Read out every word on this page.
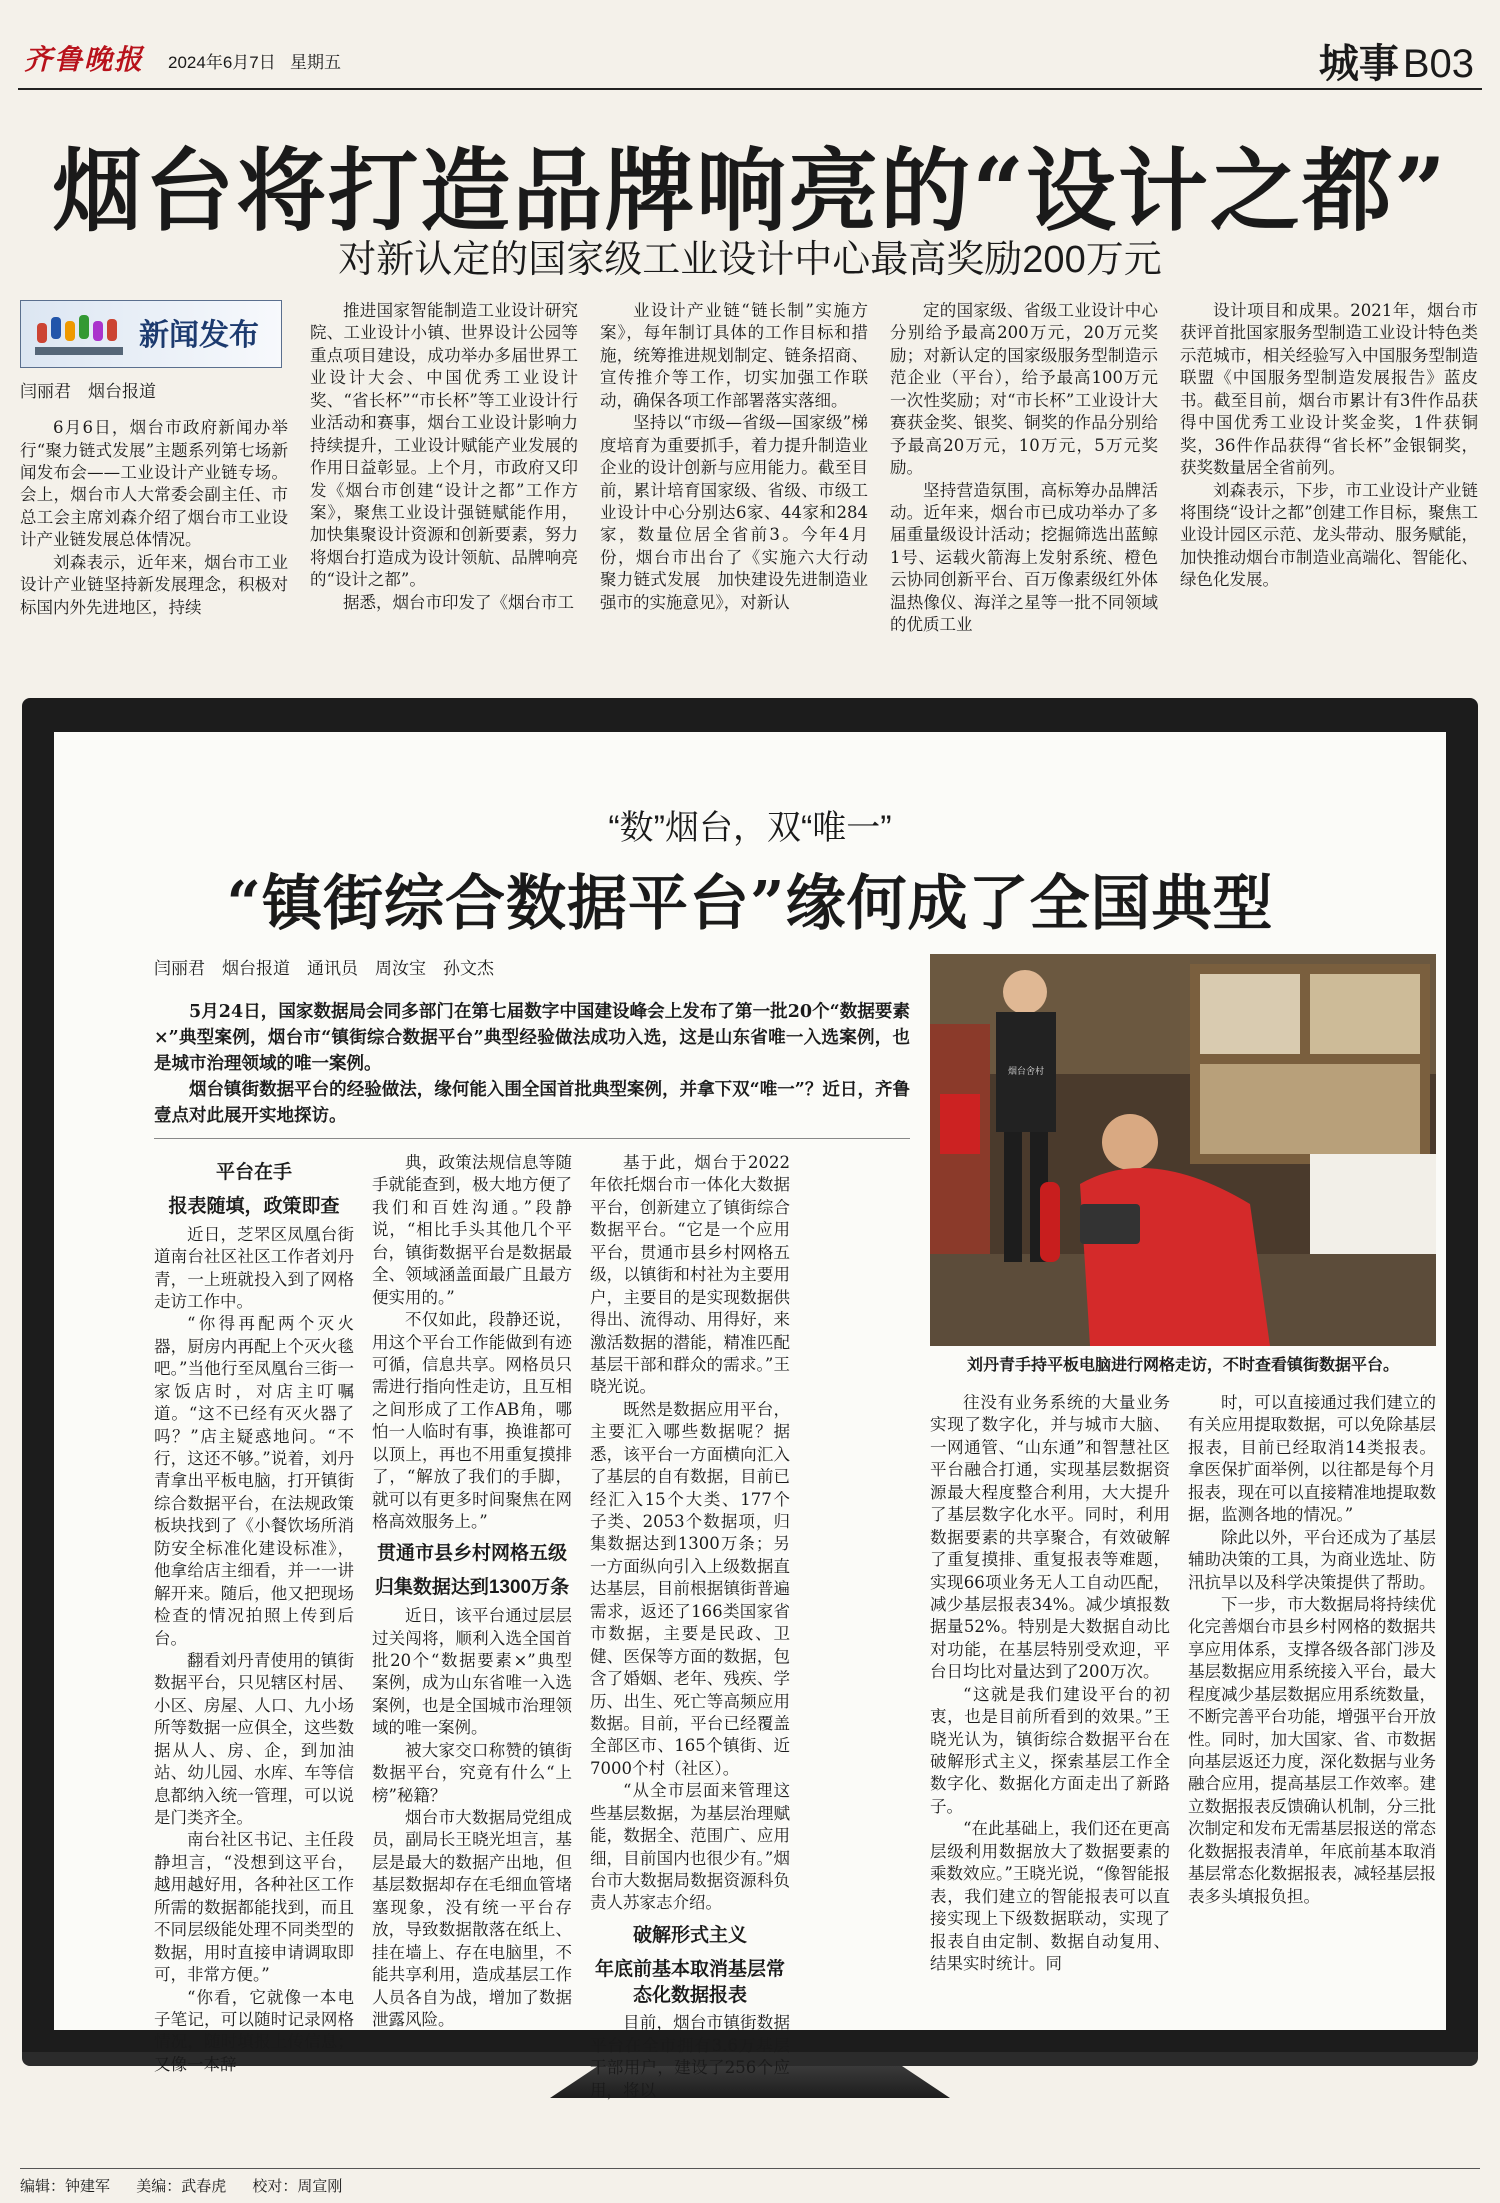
齐鲁晚报 2024年6月7日 星期五	城事 B03
烟台将打造品牌响亮的“设计之都”
对新认定的国家级工业设计中心最高奖励200万元
新闻发布
闫丽君　烟台报道

6月6日，烟台市政府新闻办举行“聚力链式发展”主题系列第七场新闻发布会——工业设计产业链专场。会上，烟台市人大常委会副主任、市总工会主席刘森介绍了烟台市工业设计产业链发展总体情况。

刘森表示，近年来，烟台市工业设计产业链坚持新发展理念，积极对标国内外先进地区，持续

推进国家智能制造工业设计研究院、工业设计小镇、世界设计公园等重点项目建设，成功举办多届世界工业设计大会、中国优秀工业设计奖、“省长杯”“市长杯”等工业设计行业活动和赛事，烟台工业设计影响力持续提升，工业设计赋能产业发展的作用日益彰显。上个月，市政府又印发《烟台市创建“设计之都”工作方案》，聚焦工业设计强链赋能作用，加快集聚设计资源和创新要素，努力将烟台打造成为设计领航、品牌响亮的“设计之都”。

据悉，烟台市印发了《烟台市工

业设计产业链“链长制”实施方案》，每年制订具体的工作目标和措施，统筹推进规划制定、链条招商、宣传推介等工作，切实加强工作联动，确保各项工作部署落实落细。

坚持以“市级—省级—国家级”梯度培育为重要抓手，着力提升制造业企业的设计创新与应用能力。截至目前，累计培育国家级、省级、市级工业设计中心分别达6家、44家和284家，数量位居全省前3。今年4月份，烟台市出台了《实施六大行动　聚力链式发展　加快建设先进制造业强市的实施意见》，对新认

定的国家级、省级工业设计中心分别给予最高200万元，20万元奖励；对新认定的国家级服务型制造示范企业（平台），给予最高100万元一次性奖励；对“市长杯”工业设计大赛获金奖、银奖、铜奖的作品分别给予最高20万元，10万元，5万元奖励。

坚持营造氛围，高标筹办品牌活动。近年来，烟台市已成功举办了多届重量级设计活动；挖掘筛选出蓝鲸1号、运载火箭海上发射系统、橙色云协同创新平台、百万像素级红外体温热像仪、海洋之星等一批不同领域的优质工业

设计项目和成果。2021年，烟台市获评首批国家服务型制造工业设计特色类示范城市，相关经验写入中国服务型制造联盟《中国服务型制造发展报告》蓝皮书。截至目前，烟台市累计有3件作品获得中国优秀工业设计奖金奖，1件获铜奖，36件作品获得“省长杯”金银铜奖，获奖数量居全省前列。

刘森表示，下步，市工业设计产业链将围绕“设计之都”创建工作目标，聚焦工业设计园区示范、龙头带动、服务赋能，加快推动烟台市制造业高端化、智能化、绿色化发展。

“数”烟台，双“唯一”
“镇街综合数据平台”缘何成了全国典型
闫丽君　烟台报道　通讯员　周汝宝　孙文杰

5月24日，国家数据局会同多部门在第七届数字中国建设峰会上发布了第一批20个“数据要素×”典型案例，烟台市“镇街综合数据平台”典型经验做法成功入选，这是山东省唯一入选案例，也是城市治理领域的唯一案例。

烟台镇街数据平台的经验做法，缘何能入围全国首批典型案例，并拿下双“唯一”？近日，齐鲁壹点对此展开实地探访。

烟台舍村
刘丹青手持平板电脑进行网格走访，不时查看镇街数据平台。

平台在手

报表随填，政策即查

近日，芝罘区凤凰台街道南台社区社区工作者刘丹青，一上班就投入到了网格走访工作中。

“你得再配两个灭火器，厨房内再配上个灭火毯吧。”当他行至凤凰台三街一家饭店时，对店主叮嘱道。“这不已经有灭火器了吗？”店主疑惑地问。“不行，这还不够。”说着，刘丹青拿出平板电脑，打开镇街综合数据平台，在法规政策板块找到了《小餐饮场所消防安全标准化建设标准》，他拿给店主细看，并一一讲解开来。随后，他又把现场检查的情况拍照上传到后台。

翻看刘丹青使用的镇街数据平台，只见辖区村居、小区、房屋、人口、九小场所等数据一应俱全，这些数据从人、房、企，到加油站、幼儿园、水库、车等信息都纳入统一管理，可以说是门类齐全。

南台社区书记、主任段静坦言，“没想到这平台，越用越好用，各种社区工作所需的数据都能找到，而且不同层级能处理不同类型的数据，用时直接申请调取即可，非常方便。”

“你看，它就像一本电子笔记，可以随时记录网格情况，随时填报上传信息；又像一本辞

典，政策法规信息等随手就能查到，极大地方便了我们和百姓沟通。”段静说，“相比手头其他几个平台，镇街数据平台是数据最全、领域涵盖面最广且最方便实用的。”

不仅如此，段静还说，用这个平台工作能做到有迹可循，信息共享。网格员只需进行指向性走访，且互相之间形成了工作AB角，哪怕一人临时有事，换谁都可以顶上，再也不用重复摸排了，“解放了我们的手脚，就可以有更多时间聚焦在网格高效服务上。”

贯通市县乡村网格五级

归集数据达到1300万条

近日，该平台通过层层过关闯将，顺利入选全国首批20个“数据要素×”典型案例，成为山东省唯一入选案例，也是全国城市治理领域的唯一案例。

被大家交口称赞的镇街数据平台，究竟有什么“上榜”秘籍？

烟台市大数据局党组成员，副局长王晓光坦言，基层是最大的数据产出地，但基层数据却存在毛细血管堵塞现象，没有统一平台存放，导致数据散落在纸上、挂在墙上、存在电脑里，不能共享利用，造成基层工作人员各自为战，增加了数据泄露风险。

基于此，烟台于2022年依托烟台市一体化大数据平台，创新建立了镇街综合数据平台。“它是一个应用平台，贯通市县乡村网格五级，以镇街和村社为主要用户，主要目的是实现数据供得出、流得动、用得好，来激活数据的潜能，精准匹配基层干部和群众的需求。”王晓光说。

既然是数据应用平台，主要汇入哪些数据呢？据悉，该平台一方面横向汇入了基层的自有数据，目前已经汇入15个大类、177个子类、2053个数据项，归集数据达到1300万条；另一方面纵向引入上级数据直达基层，目前根据镇街普遍需求，返还了166类国家省市数据，主要是民政、卫健、医保等方面的数据，包含了婚姻、老年、残疾、学历、出生、死亡等高频应用数据。目前，平台已经覆盖全部区市、165个镇街、近7000个村（社区）。

“从全市层面来管理这些基层数据，为基层治理赋能，数据全、范围广、应用细，目前国内也很少有。”烟台市大数据局数据资源科负责人苏家志介绍。

破解形式主义

年底前基本取消基层常态化数据报表

目前，烟台市镇街数据平台在全市拥有3.6万基层干部用户，建设了256个应用，将以

往没有业务系统的大量业务实现了数字化，并与城市大脑、一网通管、“山东通”和智慧社区平台融合打通，实现基层数据资源最大程度整合利用，大大提升了基层数字化水平。同时，利用数据要素的共享聚合，有效破解了重复摸排、重复报表等难题，实现66项业务无人工自动匹配，减少基层报表34%。减少填报数据量52%。特别是大数据自动比对功能，在基层特别受欢迎，平台日均比对量达到了200万次。

“这就是我们建设平台的初衷，也是目前所看到的效果。”王晓光认为，镇街综合数据平台在破解形式主义，探索基层工作全数字化、数据化方面走出了新路子。

“在此基础上，我们还在更高层级利用数据放大了数据要素的乘数效应。”王晓光说，“像智能报表，我们建立的智能报表可以直接实现上下级数据联动，实现了报表自由定制、数据自动复用、结果实时统计。同

时，可以直接通过我们建立的有关应用提取数据，可以免除基层报表，目前已经取消14类报表。拿医保扩面举例，以往都是每个月报表，现在可以直接精准地提取数据，监测各地的情况。”

除此以外，平台还成为了基层辅助决策的工具，为商业选址、防汛抗旱以及科学决策提供了帮助。

下一步，市大数据局将持续优化完善烟台市县乡村网格的数据共享应用体系，支撑各级各部门涉及基层数据应用系统接入平台，最大程度减少基层数据应用系统数量，不断完善平台功能，增强平台开放性。同时，加大国家、省、市数据向基层返还力度，深化数据与业务融合应用，提高基层工作效率。建立数据报表反馈确认机制，分三批次制定和发布无需基层报送的常态化数据报表清单，年底前基本取消基层常态化数据报表，减轻基层报表多头填报负担。

编辑：钟建军 美编：武春虎 校对：周宣刚
